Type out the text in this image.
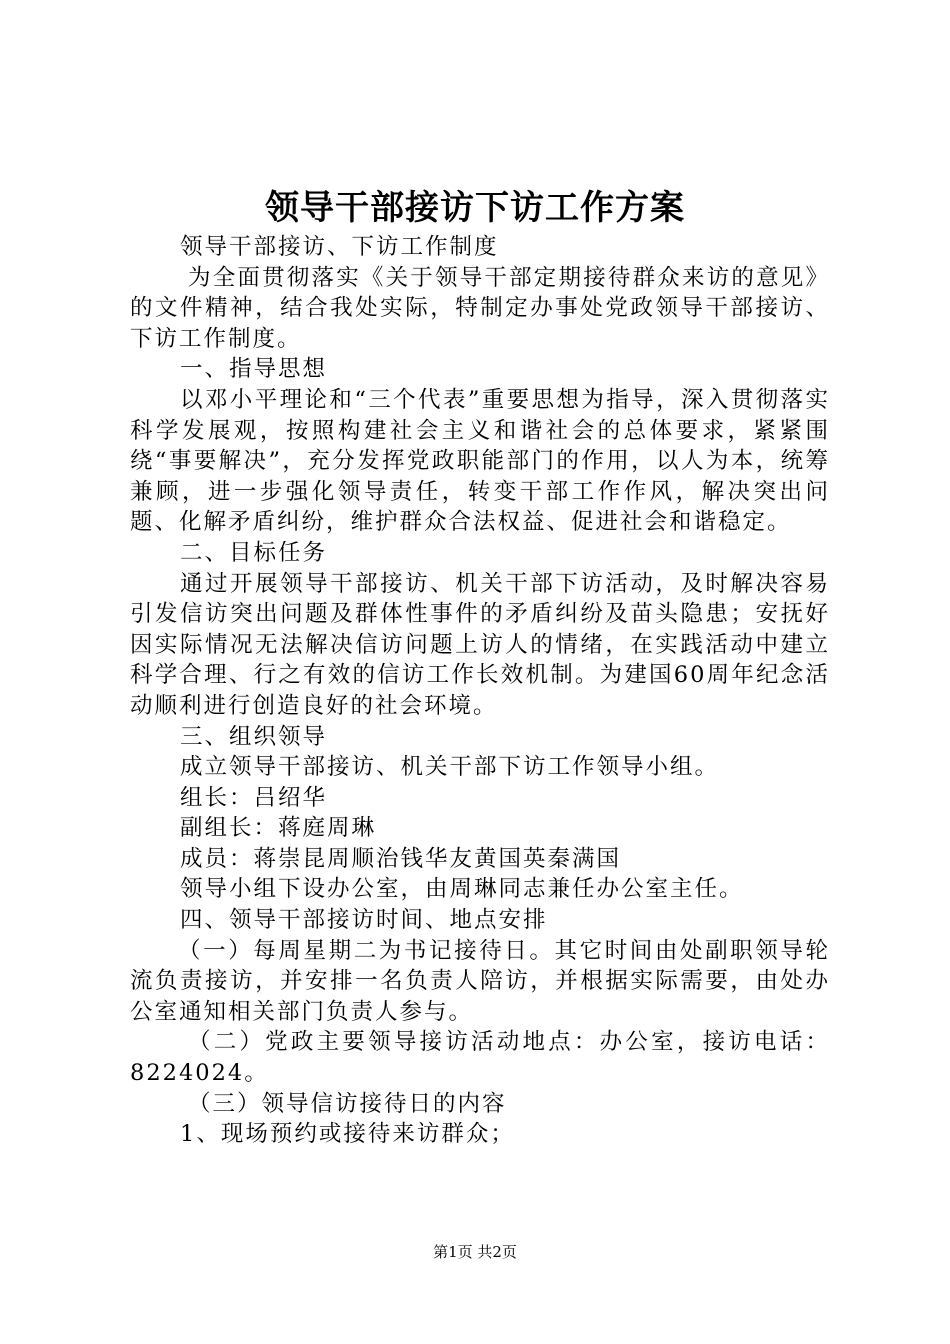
领导干部接访下访工作方案

领导干部接访、下访工作制度

为全面贯彻落实《关于领导干部定期接待群众来访的意见》的文件精神，结合我处实际，特制定办事处党政领导干部接访、下访工作制度。

一、指导思想

以邓小平理论和“三个代表”重要思想为指导，深入贯彻落实科学发展观，按照构建社会主义和谐社会的总体要求，紧紧围绕“事要解决”，充分发挥党政职能部门的作用，以人为本，统筹兼顾，进一步强化领导责任，转变干部工作作风，解决突出问题、化解矛盾纠纷，维护群众合法权益、促进社会和谐稳定。

二、目标任务

通过开展领导干部接访、机关干部下访活动，及时解决容易引发信访突出问题及群体性事件的矛盾纠纷及苗头隐患；安抚好因实际情况无法解决信访问题上访人的情绪，在实践活动中建立科学合理、行之有效的信访工作长效机制。为建国60周年纪念活动顺利进行创造良好的社会环境。

三、组织领导

成立领导干部接访、机关干部下访工作领导小组。

组长：吕绍华

副组长：蒋庭周琳

成员：蒋崇昆周顺治钱华友黄国英秦满国

领导小组下设办公室，由周琳同志兼任办公室主任。

四、领导干部接访时间、地点安排

（一）每周星期二为书记接待日。其它时间由处副职领导轮流负责接访，并安排一名负责人陪访，并根据实际需要，由处办公室通知相关部门负责人参与。

（二）党政主要领导接访活动地点：办公室，接访电话：8224024。

（三）领导信访接待日的内容

1、现场预约或接待来访群众；

第1页 共2页
